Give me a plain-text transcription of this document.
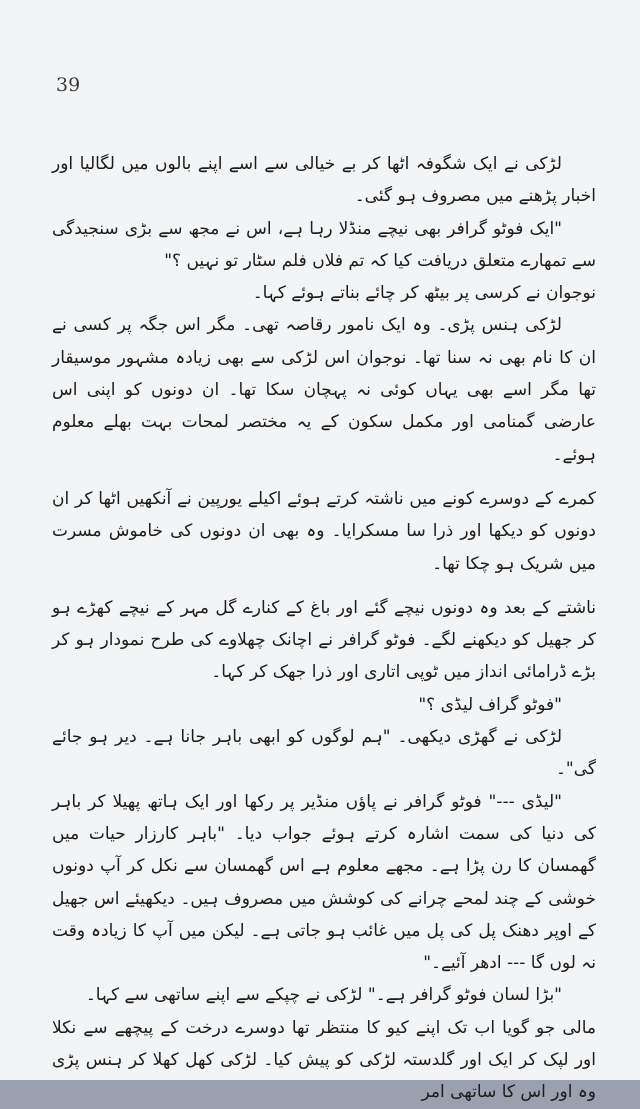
39

لڑکی نے ایک شگوفہ اٹھا کر بے خیالی سے اسے اپنے بالوں میں لگالیا اور اخبار پڑھنے میں مصروف ہو گئی۔

"ایک فوٹو گرافر بھی نیچے منڈلا رہا ہے، اس نے مجھ سے بڑی سنجیدگی سے تمھارے متعلق دریافت کیا کہ تم فلاں فلم سٹار تو نہیں ؟"

نوجوان نے کرسی پر بیٹھ کر چائے بناتے ہوئے کہا۔

لڑکی ہنس پڑی۔ وہ ایک نامور رقاصہ تھی۔ مگر اس جگہ پر کسی نے ان کا نام بھی نہ سنا تھا۔ نوجوان اس لڑکی سے بھی زیادہ مشہور موسیقار تھا مگر اسے بھی یہاں کوئی نہ پہچان سکا تھا۔ ان دونوں کو اپنی اس عارضی گمنامی اور مکمل سکون کے یہ مختصر لمحات بہت بھلے معلوم ہوئے۔

کمرے کے دوسرے کونے میں ناشتہ کرتے ہوئے اکیلے یورپین نے آنکھیں اٹھا کر ان دونوں کو دیکھا اور ذرا سا مسکرایا۔ وہ بھی ان دونوں کی خاموش مسرت میں شریک ہو چکا تھا۔

ناشتے کے بعد وہ دونوں نیچے گئے اور باغ کے کنارے گل مہر کے نیچے کھڑے ہو کر جھیل کو دیکھنے لگے۔ فوٹو گرافر نے اچانک چھلاوے کی طرح نمودار ہو کر بڑے ڈرامائی انداز میں ٹوپی اتاری اور ذرا جھک کر کہا۔

"فوٹو گراف لیڈی ؟"

لڑکی نے گھڑی دیکھی۔ "ہم لوگوں کو ابھی باہر جانا ہے۔ دیر ہو جائے گی"۔

"لیڈی ---" فوٹو گرافر نے پاؤں منڈیر پر رکھا اور ایک ہاتھ پھیلا کر باہر کی دنیا کی سمت اشارہ کرتے ہوئے جواب دیا۔ "باہر کارزار حیات میں گھمسان کا رن پڑا ہے۔ مجھے معلوم ہے اس گھمسان سے نکل کر آپ دونوں خوشی کے چند لمحے چرانے کی کوشش میں مصروف ہیں۔ دیکھیئے اس جھیل کے اوپر دھنک پل کی پل میں غائب ہو جاتی ہے۔ لیکن میں آپ کا زیادہ وقت نہ لوں گا --- ادھر آئیے۔"

"بڑا لسان فوٹو گرافر ہے۔" لڑکی نے چپکے سے اپنے ساتھی سے کہا۔

مالی جو گویا اب تک اپنے کیو کا منتظر تھا دوسرے درخت کے پیچھے سے نکلا اور لپک کر ایک اور گلدستہ لڑکی کو پیش کیا۔ لڑکی کھل کھلا کر ہنس پڑی وہ اور اس کا ساتھی امر
